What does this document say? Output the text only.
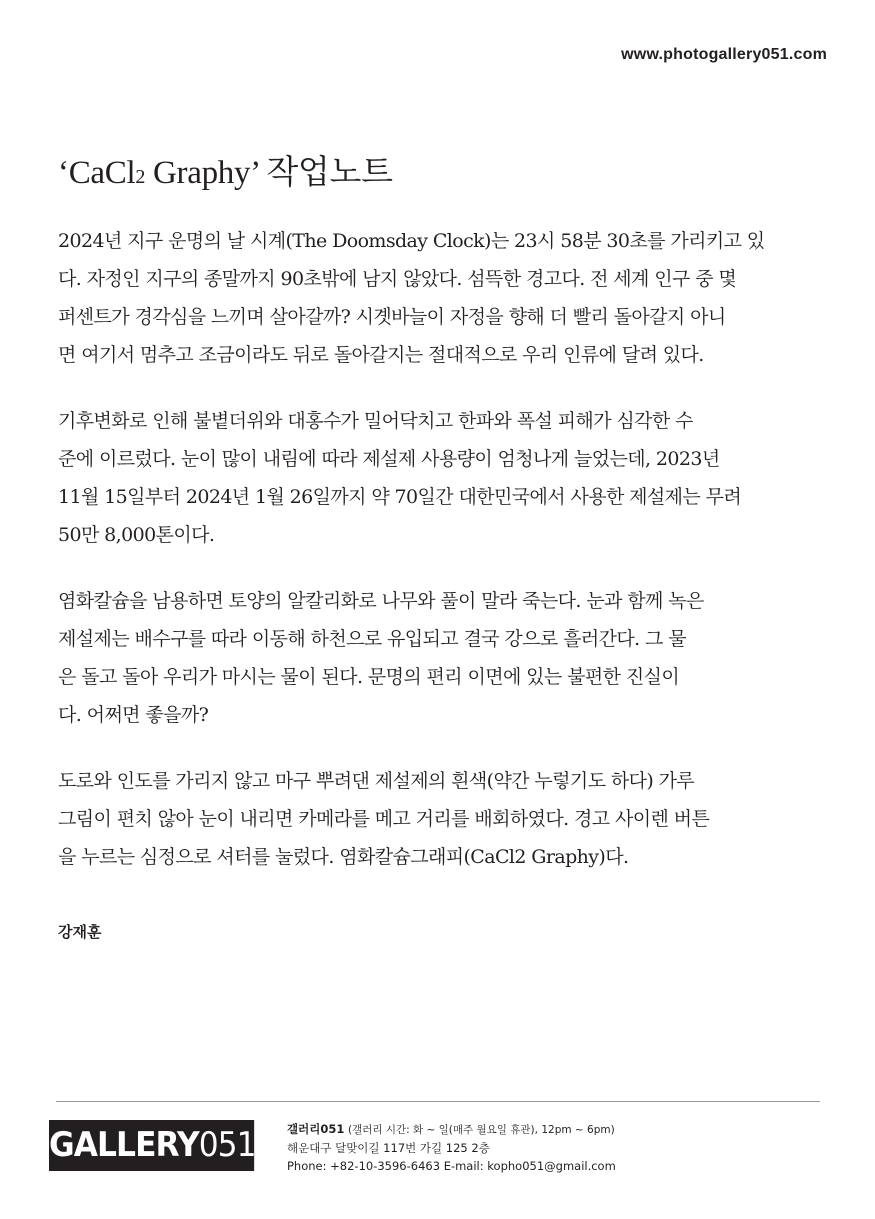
www.photogallery051.com
‘CaCl2 Graphy’ 작업노트

2024년 지구 운명의 날 시계(The Doomsday Clock)는 23시 58분 30초를 가리키고 있
다. 자정인 지구의 종말까지 90초밖에 남지 않았다. 섬뜩한 경고다. 전 세계 인구 중 몇
퍼센트가 경각심을 느끼며 살아갈까? 시곗바늘이 자정을 향해 더 빨리 돌아갈지 아니
면 여기서 멈추고 조금이라도 뒤로 돌아갈지는 절대적으로 우리 인류에 달려 있다.

기후변화로 인해 불볕더위와 대홍수가 밀어닥치고 한파와 폭설 피해가 심각한 수
준에 이르렀다. 눈이 많이 내림에 따라 제설제 사용량이 엄청나게 늘었는데, 2023년
11월 15일부터 2024년 1월 26일까지 약 70일간 대한민국에서 사용한 제설제는 무려
50만 8,000톤이다.

염화칼슘을 남용하면 토양의 알칼리화로 나무와 풀이 말라 죽는다. 눈과 함께 녹은
제설제는 배수구를 따라 이동해 하천으로 유입되고 결국 강으로 흘러간다. 그 물
은 돌고 돌아 우리가 마시는 물이 된다. 문명의 편리 이면에 있는 불편한 진실이
다. 어쩌면 좋을까?

도로와 인도를 가리지 않고 마구 뿌려댄 제설제의 흰색(약간 누렇기도 하다) 가루
그림이 편치 않아 눈이 내리면 카메라를 메고 거리를 배회하였다. 경고 사이렌 버튼
을 누르는 심정으로 셔터를 눌렀다. 염화칼슘그래피(CaCl2 Graphy)다.

강재훈
GALLERY051	갤러리051 (갤러리 시간: 화 ~ 일(매주 월요일 휴관), 12pm ~ 6pm)
해운대구 달맞이길 117번 가길 125 2층
Phone: +82-10-3596-6463 E-mail: kopho051@gmail.com
